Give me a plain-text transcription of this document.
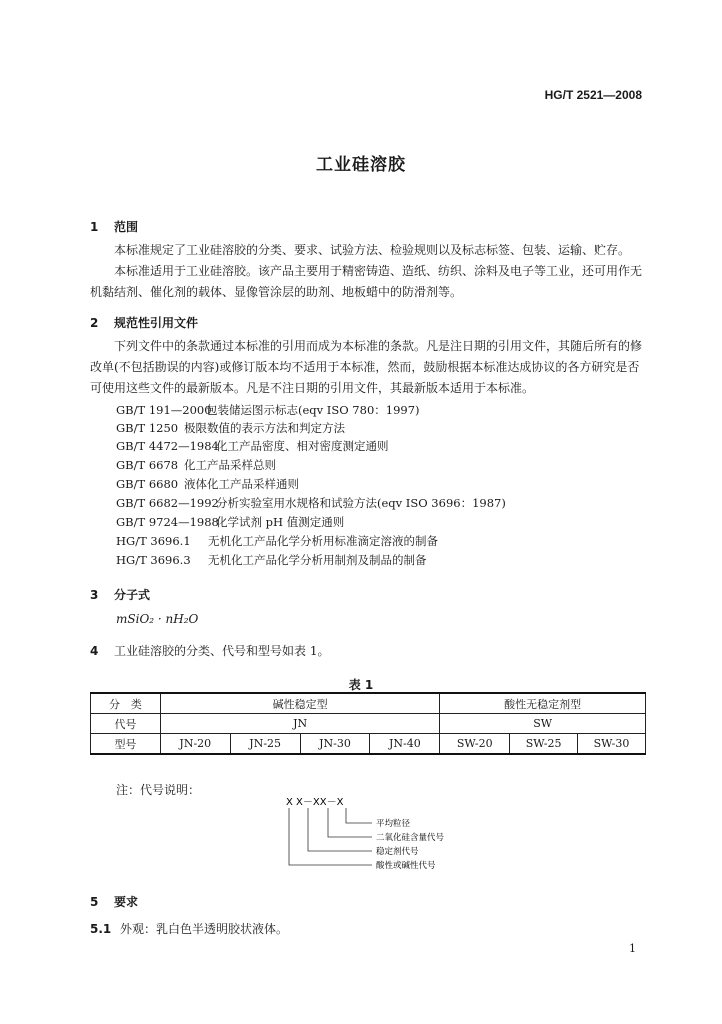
HG/T 2521—2008
工业硅溶胶
1 范围
本标准规定了工业硅溶胶的分类、要求、试验方法、检验规则以及标志标签、包装、运输、贮存。
本标准适用于工业硅溶胶。该产品主要用于精密铸造、造纸、纺织、涂料及电子等工业，还可用作无机黏结剂、催化剂的载体、显像管涂层的助剂、地板蜡中的防滑剂等。
2 规范性引用文件
下列文件中的条款通过本标准的引用而成为本标准的条款。凡是注日期的引用文件，其随后所有的修改单(不包括勘误的内容)或修订版本均不适用于本标准，然而，鼓励根据本标准达成协议的各方研究是否可使用这些文件的最新版本。凡是不注日期的引用文件，其最新版本适用于本标准。
GB/T 191—2000包装储运图示标志(eqv ISO 780：1997)
GB/T 1250 极限数值的表示方法和判定方法
GB/T 4472—1984化工产品密度、相对密度测定通则
GB/T 6678 化工产品采样总则
GB/T 6680 液体化工产品采样通则
GB/T 6682—1992分析实验室用水规格和试验方法(eqv ISO 3696：1987)
GB/T 9724—1988化学试剂 pH 值测定通则
HG/T 3696.1 无机化工产品化学分析用标准滴定溶液的制备
HG/T 3696.3 无机化工产品化学分析用制剂及制品的制备
3 分子式
mSiO₂ · nH₂O
4 工业硅溶胶的分类、代号和型号如表 1。
表 1
分　类	碱性稳定型				酸性无稳定剂型		
代号	JN				SW		
型号	JN-20	JN-25	JN-30	JN-40	SW-20	SW-25	SW-30
注：代号说明：
X X－XX－X
平均粒径
二氧化硅含量代号
稳定剂代号
酸性或碱性代号
5 要求
5.1 外观：乳白色半透明胶状液体。
1
